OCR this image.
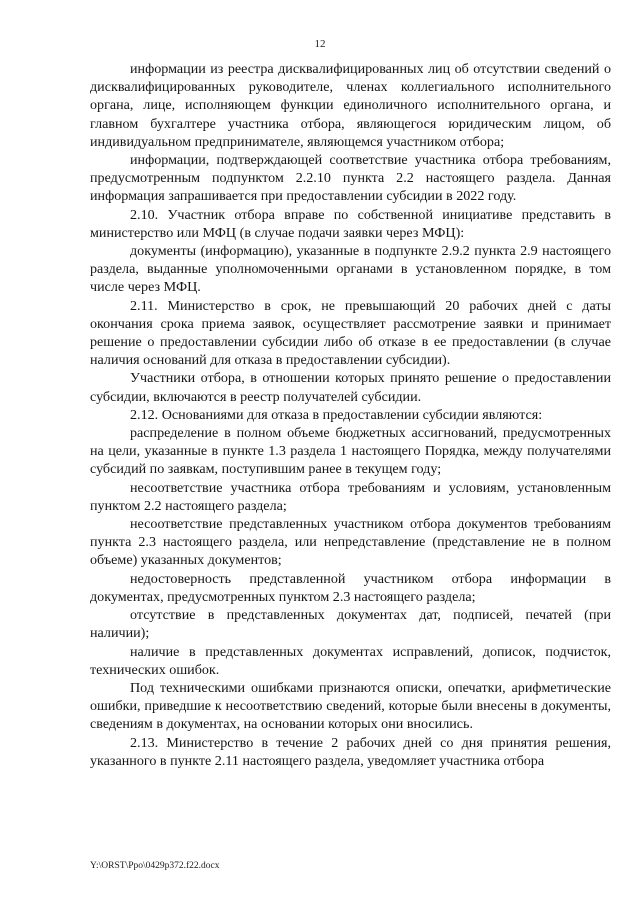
12

информации из реестра дисквалифицированных лиц об отсутствии сведений о дисквалифицированных руководителе, членах коллегиального исполнительного органа, лице, исполняющем функции единоличного исполнительного органа, и главном бухгалтере участника отбора, являющегося юридическим лицом, об индивидуальном предпринимателе, являющемся участником отбора;

информации, подтверждающей соответствие участника отбора требованиям, предусмотренным подпунктом 2.2.10 пункта 2.2 настоящего раздела. Данная информация запрашивается при предоставлении субсидии в 2022 году.

2.10. Участник отбора вправе по собственной инициативе представить в министерство или МФЦ (в случае подачи заявки через МФЦ):

документы (информацию), указанные в подпункте 2.9.2 пункта 2.9 настоящего раздела, выданные уполномоченными органами в установленном порядке, в том числе через МФЦ.

2.11. Министерство в срок, не превышающий 20 рабочих дней с даты окончания срока приема заявок, осуществляет рассмотрение заявки и принимает решение о предоставлении субсидии либо об отказе в ее предоставлении (в случае наличия оснований для отказа в предоставлении субсидии).

Участники отбора, в отношении которых принято решение о предоставлении субсидии, включаются в реестр получателей субсидии.

2.12. Основаниями для отказа в предоставлении субсидии являются:

распределение в полном объеме бюджетных ассигнований, предусмотренных на цели, указанные в пункте 1.3 раздела 1 настоящего Порядка, между получателями субсидий по заявкам, поступившим ранее в текущем году;

несоответствие участника отбора требованиям и условиям, установленным пунктом 2.2 настоящего раздела;

несоответствие представленных участником отбора документов требованиям пункта 2.3 настоящего раздела, или непредставление (представление не в полном объеме) указанных документов;

недостоверность представленной участником отбора информации в документах, предусмотренных пунктом 2.3 настоящего раздела;

отсутствие в представленных документах дат, подписей, печатей (при наличии);

наличие в представленных документах исправлений, дописок, подчисток, технических ошибок.

Под техническими ошибками признаются описки, опечатки, арифметические ошибки, приведшие к несоответствию сведений, которые были внесены в документы, сведениям в документах, на основании которых они вносились.

2.13. Министерство в течение 2 рабочих дней со дня принятия решения, указанного в пункте 2.11 настоящего раздела, уведомляет участника отбора

Y:\ORST\Ppo\0429p372.f22.docx
